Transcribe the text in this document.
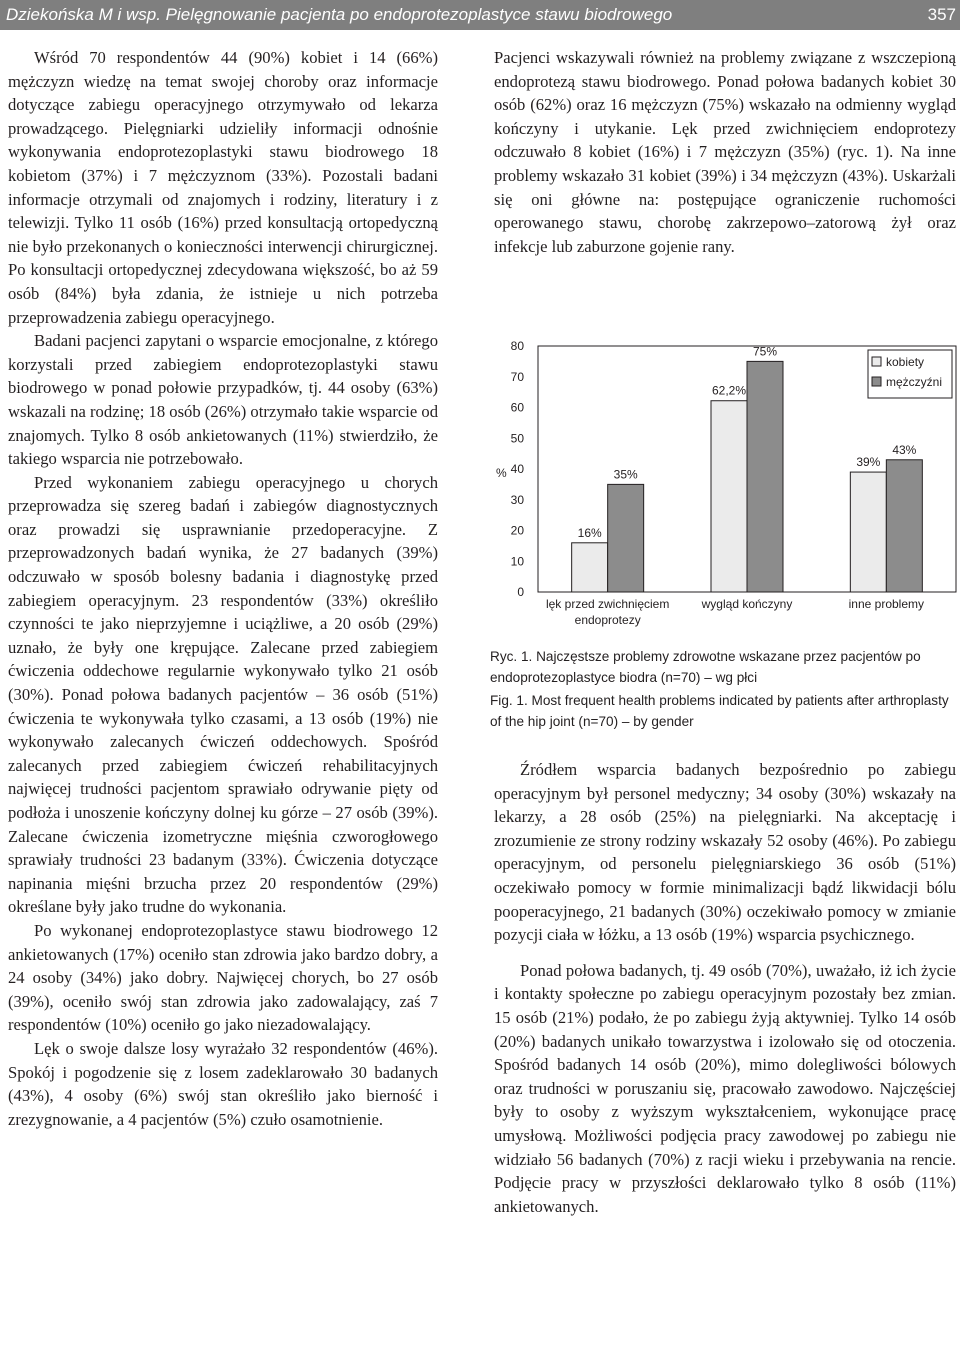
Dziekońska M i wsp. Pielęgnowanie pacjenta po endoprotezoplastyce stawu biodrowego	357

Wśród 70 respondentów 44 (90%) kobiet i 14 (66%) mężczyzn wiedzę na temat swojej choroby oraz informacje dotyczące zabiegu operacyjnego otrzymywało od lekarza prowadzącego. Pielęgniarki udzieliły informacji odnośnie wykonywania endoprotezoplastyki stawu biodrowego 18 kobietom (37%) i 7 mężczyznom (33%). Pozostali badani informacje otrzymali od znajomych i rodziny, literatury i z telewizji. Tylko 11 osób (16%) przed konsultacją ortopedyczną nie było przekonanych o konieczności interwencji chirurgicznej. Po konsultacji ortopedycznej zdecydowana większość, bo aż 59 osób (84%) była zdania, że istnieje u nich potrzeba przeprowadzenia zabiegu operacyjnego.

Badani pacjenci zapytani o wsparcie emocjonalne, z którego korzystali przed zabiegiem endoprotezoplastyki stawu biodrowego w ponad połowie przypadków, tj. 44 osoby (63%) wskazali na rodzinę; 18 osób (26%) otrzymało takie wsparcie od znajomych. Tylko 8 osób ankietowanych (11%) stwierdziło, że takiego wsparcia nie potrzebowało.

Przed wykonaniem zabiegu operacyjnego u chorych przeprowadza się szereg badań i zabiegów diagnostycznych oraz prowadzi się usprawnianie przedoperacyjne. Z przeprowadzonych badań wynika, że 27 badanych (39%) odczuwało w sposób bolesny badania i diagnostykę przed zabiegiem operacyjnym. 23 respondentów (33%) określiło czynności te jako nieprzyjemne i uciążliwe, a 20 osób (29%) uznało, że były one krępujące. Zalecane przed zabiegiem ćwiczenia oddechowe regularnie wykonywało tylko 21 osób (30%). Ponad połowa badanych pacjentów – 36 osób (51%) ćwiczenia te wykonywała tylko czasami, a 13 osób (19%) nie wykonywało zalecanych ćwiczeń oddechowych. Spośród zalecanych przed zabiegiem ćwiczeń rehabilitacyjnych najwięcej trudności pacjentom sprawiało odrywanie pięty od podłoża i unoszenie kończyny dolnej ku górze – 27 osób (39%). Zalecane ćwiczenia izometryczne mięśnia czworogłowego sprawiały trudności 23 badanym (33%). Ćwiczenia dotyczące napinania mięśni brzucha przez 20 respondentów (29%) określane były jako trudne do wykonania.

Po wykonanej endoprotezoplastyce stawu biodrowego 12 ankietowanych (17%) oceniło stan zdrowia jako bardzo dobry, a 24 osoby (34%) jako dobry. Najwięcej chorych, bo 27 osób (39%), oceniło swój stan zdrowia jako zadowalający, zaś 7 respondentów (10%) oceniło go jako niezadowalający.

Lęk o swoje dalsze losy wyrażało 32 respondentów (46%). Spokój i pogodzenie się z losem zadeklarowało 30 badanych (43%), 4 osoby (6%) swój stan określiło jako bierność i zrezygnowanie, a 4 pacjentów (5%) czuło osamotnienie.

Pacjenci wskazywali również na problemy związane z wszczepioną endoprotezą stawu biodrowego. Ponad połowa badanych kobiet 30 osób (62%) oraz 16 mężczyzn (75%) wskazało na odmienny wygląd kończyny i utykanie. Lęk przed zwichnięciem endoprotezy odczuwało 8 kobiet (16%) i 7 mężczyzn (35%) (ryc. 1). Na inne problemy wskazało 31 kobiet (39%) i 34 mężczyzn (43%). Uskarżali się oni główne na: postępujące ograniczenie ruchomości operowanego stawu, chorobę zakrzepowo–zatorową żył oraz infekcje lub zaburzone gojenie rany.

0
10
20
30
40
50
60
70
80
%
16%
35%
lęk przed zwichnięciem
endoprotezy
62,2%
75%
wygląd kończyny
39%
43%
inne problemy
kobiety
mężczyźni
Ryc. 1. Najczęstsze problemy zdrowotne wskazane przez pacjentów po endoprotezoplastyce biodra (n=70) – wg płci
Fig. 1. Most frequent health problems indicated by patients after arthroplasty of the hip joint (n=70) – by gender

Źródłem wsparcia badanych bezpośrednio po zabiegu operacyjnym był personel medyczny; 34 osoby (30%) wskazały na lekarzy, a 28 osób (25%) na pielęgniarki. Na akceptację i zrozumienie ze strony rodziny wskazały 52 osoby (46%). Po zabiegu operacyjnym, od personelu pielęgniarskiego 36 osób (51%) oczekiwało pomocy w formie minimalizacji bądź likwidacji bólu pooperacyjnego, 21 badanych (30%) oczekiwało pomocy w zmianie pozycji ciała w łóżku, a 13 osób (19%) wsparcia psychicznego.

Ponad połowa badanych, tj. 49 osób (70%), uważało, iż ich życie i kontakty społeczne po zabiegu operacyjnym pozostały bez zmian. 15 osób (21%) podało, że po zabiegu żyją aktywniej. Tylko 14 osób (20%) badanych unikało towarzystwa i izolowało się od otoczenia. Spośród badanych 14 osób (20%), mimo dolegliwości bólowych oraz trudności w poruszaniu się, pracowało zawodowo. Najczęściej były to osoby z wyższym wykształceniem, wykonujące pracę umysłową. Możliwości podjęcia pracy zawodowej po zabiegu nie widziało 56 badanych (70%) z racji wieku i przebywania na rencie. Podjęcie pracy w przyszłości deklarowało tylko 8 osób (11%) ankietowanych.
